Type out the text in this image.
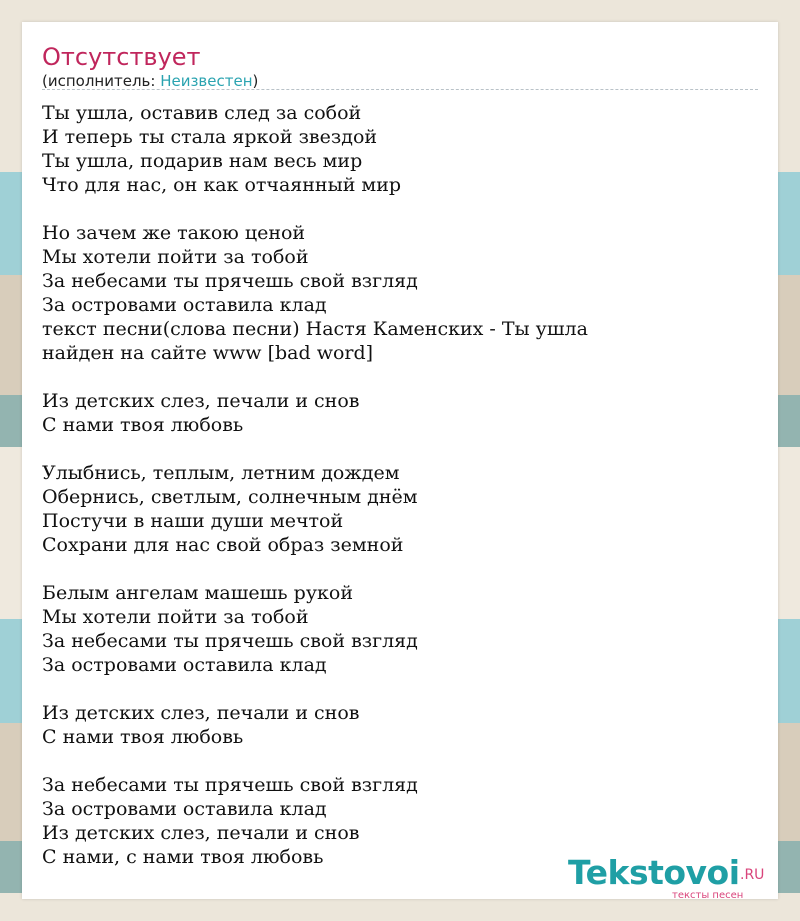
Отсутствует
(исполнитель: Неизвестен)
Ты ушла, оставив след за собой
И теперь ты стала яркой звездой
Ты ушла, подарив нам весь мир
Что для нас, он как отчаянный мир
Но зачем же такою ценой
Мы хотели пойти за тобой
За небесами ты прячешь свой взгляд
За островами оставила клад
текст песни(слова песни) Настя Каменских - Ты ушла
найден на сайте www [bad word]
Из детских слез, печали и снов
С нами твоя любовь
Улыбнись, теплым, летним дождем
Обернись, светлым, солнечным днём
Постучи в наши души мечтой
Сохрани для нас свой образ земной
Белым ангелам машешь рукой
Мы хотели пойти за тобой
За небесами ты прячешь свой взгляд
За островами оставила клад
Из детских слез, печали и снов
С нами твоя любовь
За небесами ты прячешь свой взгляд
За островами оставила клад
Из детских слез, печали и снов
С нами, с нами твоя любовь	Tekstovoi .RU
тексты песен
